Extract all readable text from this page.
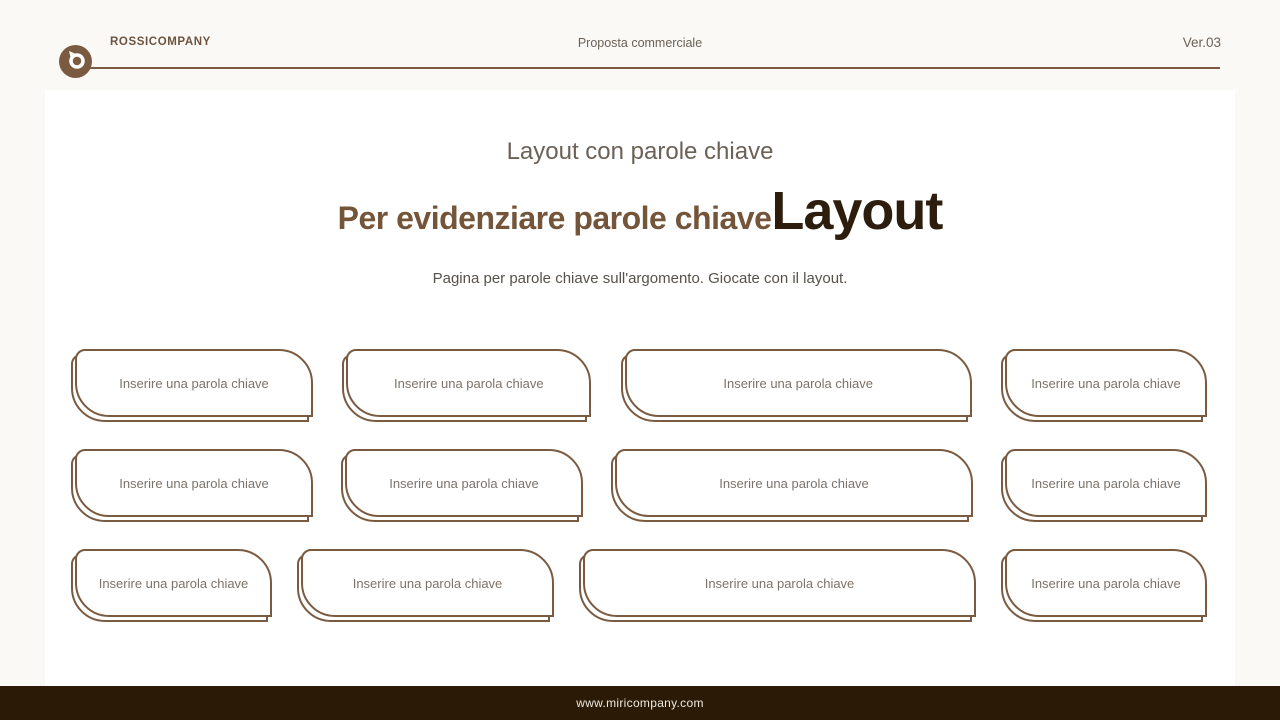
ROSSICOMPANY	Proposta commerciale	Ver.03
Layout con parole chiave
Per evidenziare parole chiave Layout
Pagina per parole chiave sull'argomento. Giocate con il layout.
Inserire una parola chiave	Inserire una parola chiave	Inserire una parola chiave	Inserire una parola chiave
Inserire una parola chiave	Inserire una parola chiave	Inserire una parola chiave	Inserire una parola chiave
Inserire una parola chiave	Inserire una parola chiave	Inserire una parola chiave	Inserire una parola chiave
www.miricompany.com
